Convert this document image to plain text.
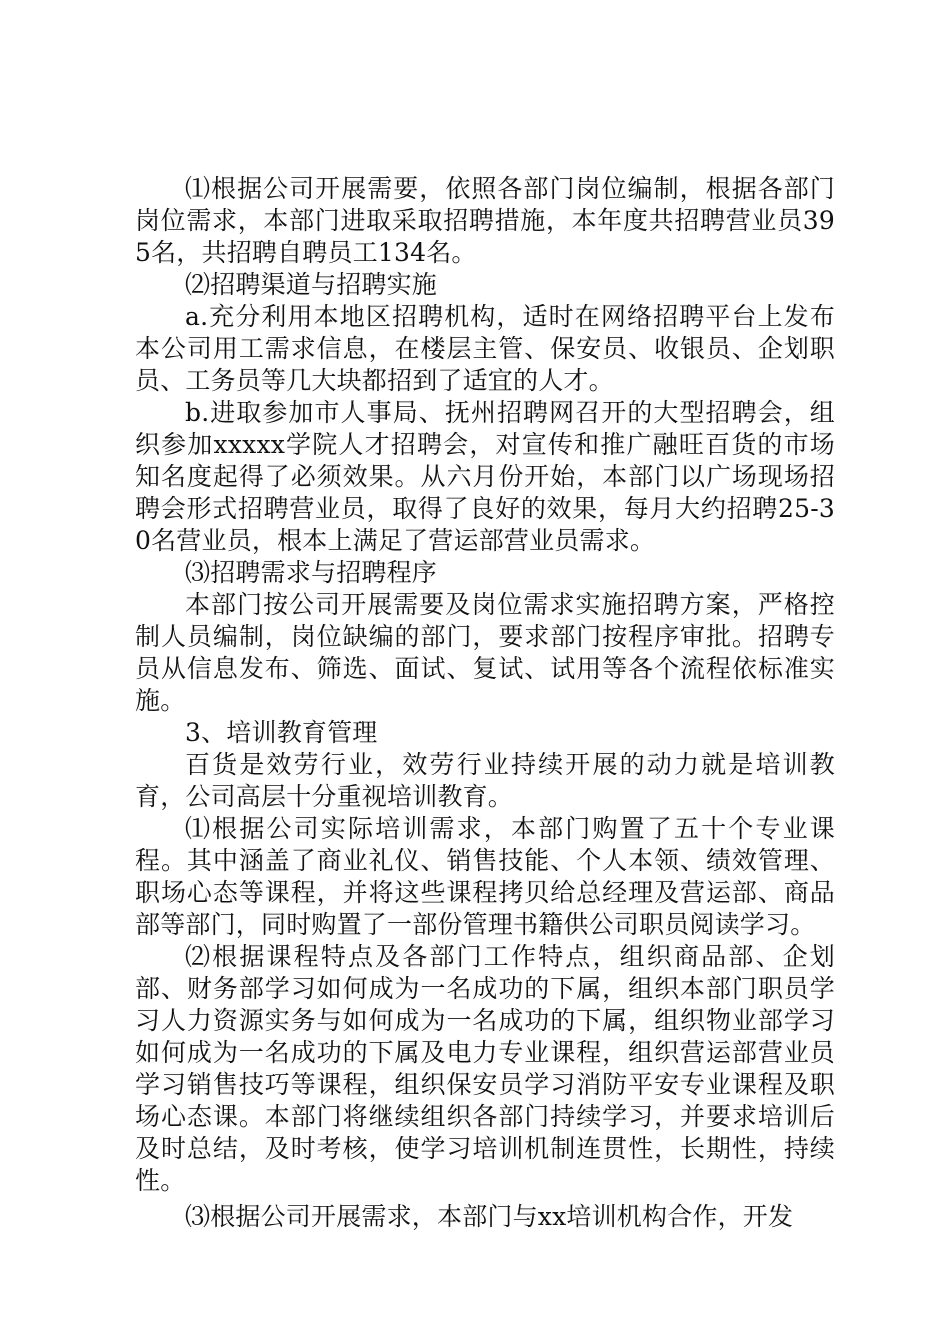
⑴根据公司开展需要，依照各部门岗位编制，根据各部门岗位需求，本部门进取采取招聘措施，本年度共招聘营业员395名，共招聘自聘员工134名。

⑵招聘渠道与招聘实施

a.充分利用本地区招聘机构，适时在网络招聘平台上发布本公司用工需求信息，在楼层主管、保安员、收银员、企划职员、工务员等几大块都招到了适宜的人才。

b.进取参加市人事局、抚州招聘网召开的大型招聘会，组织参加xxxxx学院人才招聘会，对宣传和推广融旺百货的市场知名度起得了必须效果。从六月份开始，本部门以广场现场招聘会形式招聘营业员，取得了良好的效果，每月大约招聘25-30名营业员，根本上满足了营运部营业员需求。

⑶招聘需求与招聘程序

本部门按公司开展需要及岗位需求实施招聘方案，严格控制人员编制，岗位缺编的部门，要求部门按程序审批。招聘专员从信息发布、筛选、面试、复试、试用等各个流程依标准实施。

3、培训教育管理

百货是效劳行业，效劳行业持续开展的动力就是培训教育，公司高层十分重视培训教育。

⑴根据公司实际培训需求，本部门购置了五十个专业课程。其中涵盖了商业礼仪、销售技能、个人本领、绩效管理、职场心态等课程，并将这些课程拷贝给总经理及营运部、商品部等部门，同时购置了一部份管理书籍供公司职员阅读学习。

⑵根据课程特点及各部门工作特点，组织商品部、企划部、财务部学习如何成为一名成功的下属，组织本部门职员学习人力资源实务与如何成为一名成功的下属，组织物业部学习如何成为一名成功的下属及电力专业课程，组织营运部营业员学习销售技巧等课程，组织保安员学习消防平安专业课程及职场心态课。本部门将继续组织各部门持续学习，并要求培训后及时总结，及时考核，使学习培训机制连贯性，长期性，持续性。

⑶根据公司开展需求，本部门与xx培训机构合作，开发
